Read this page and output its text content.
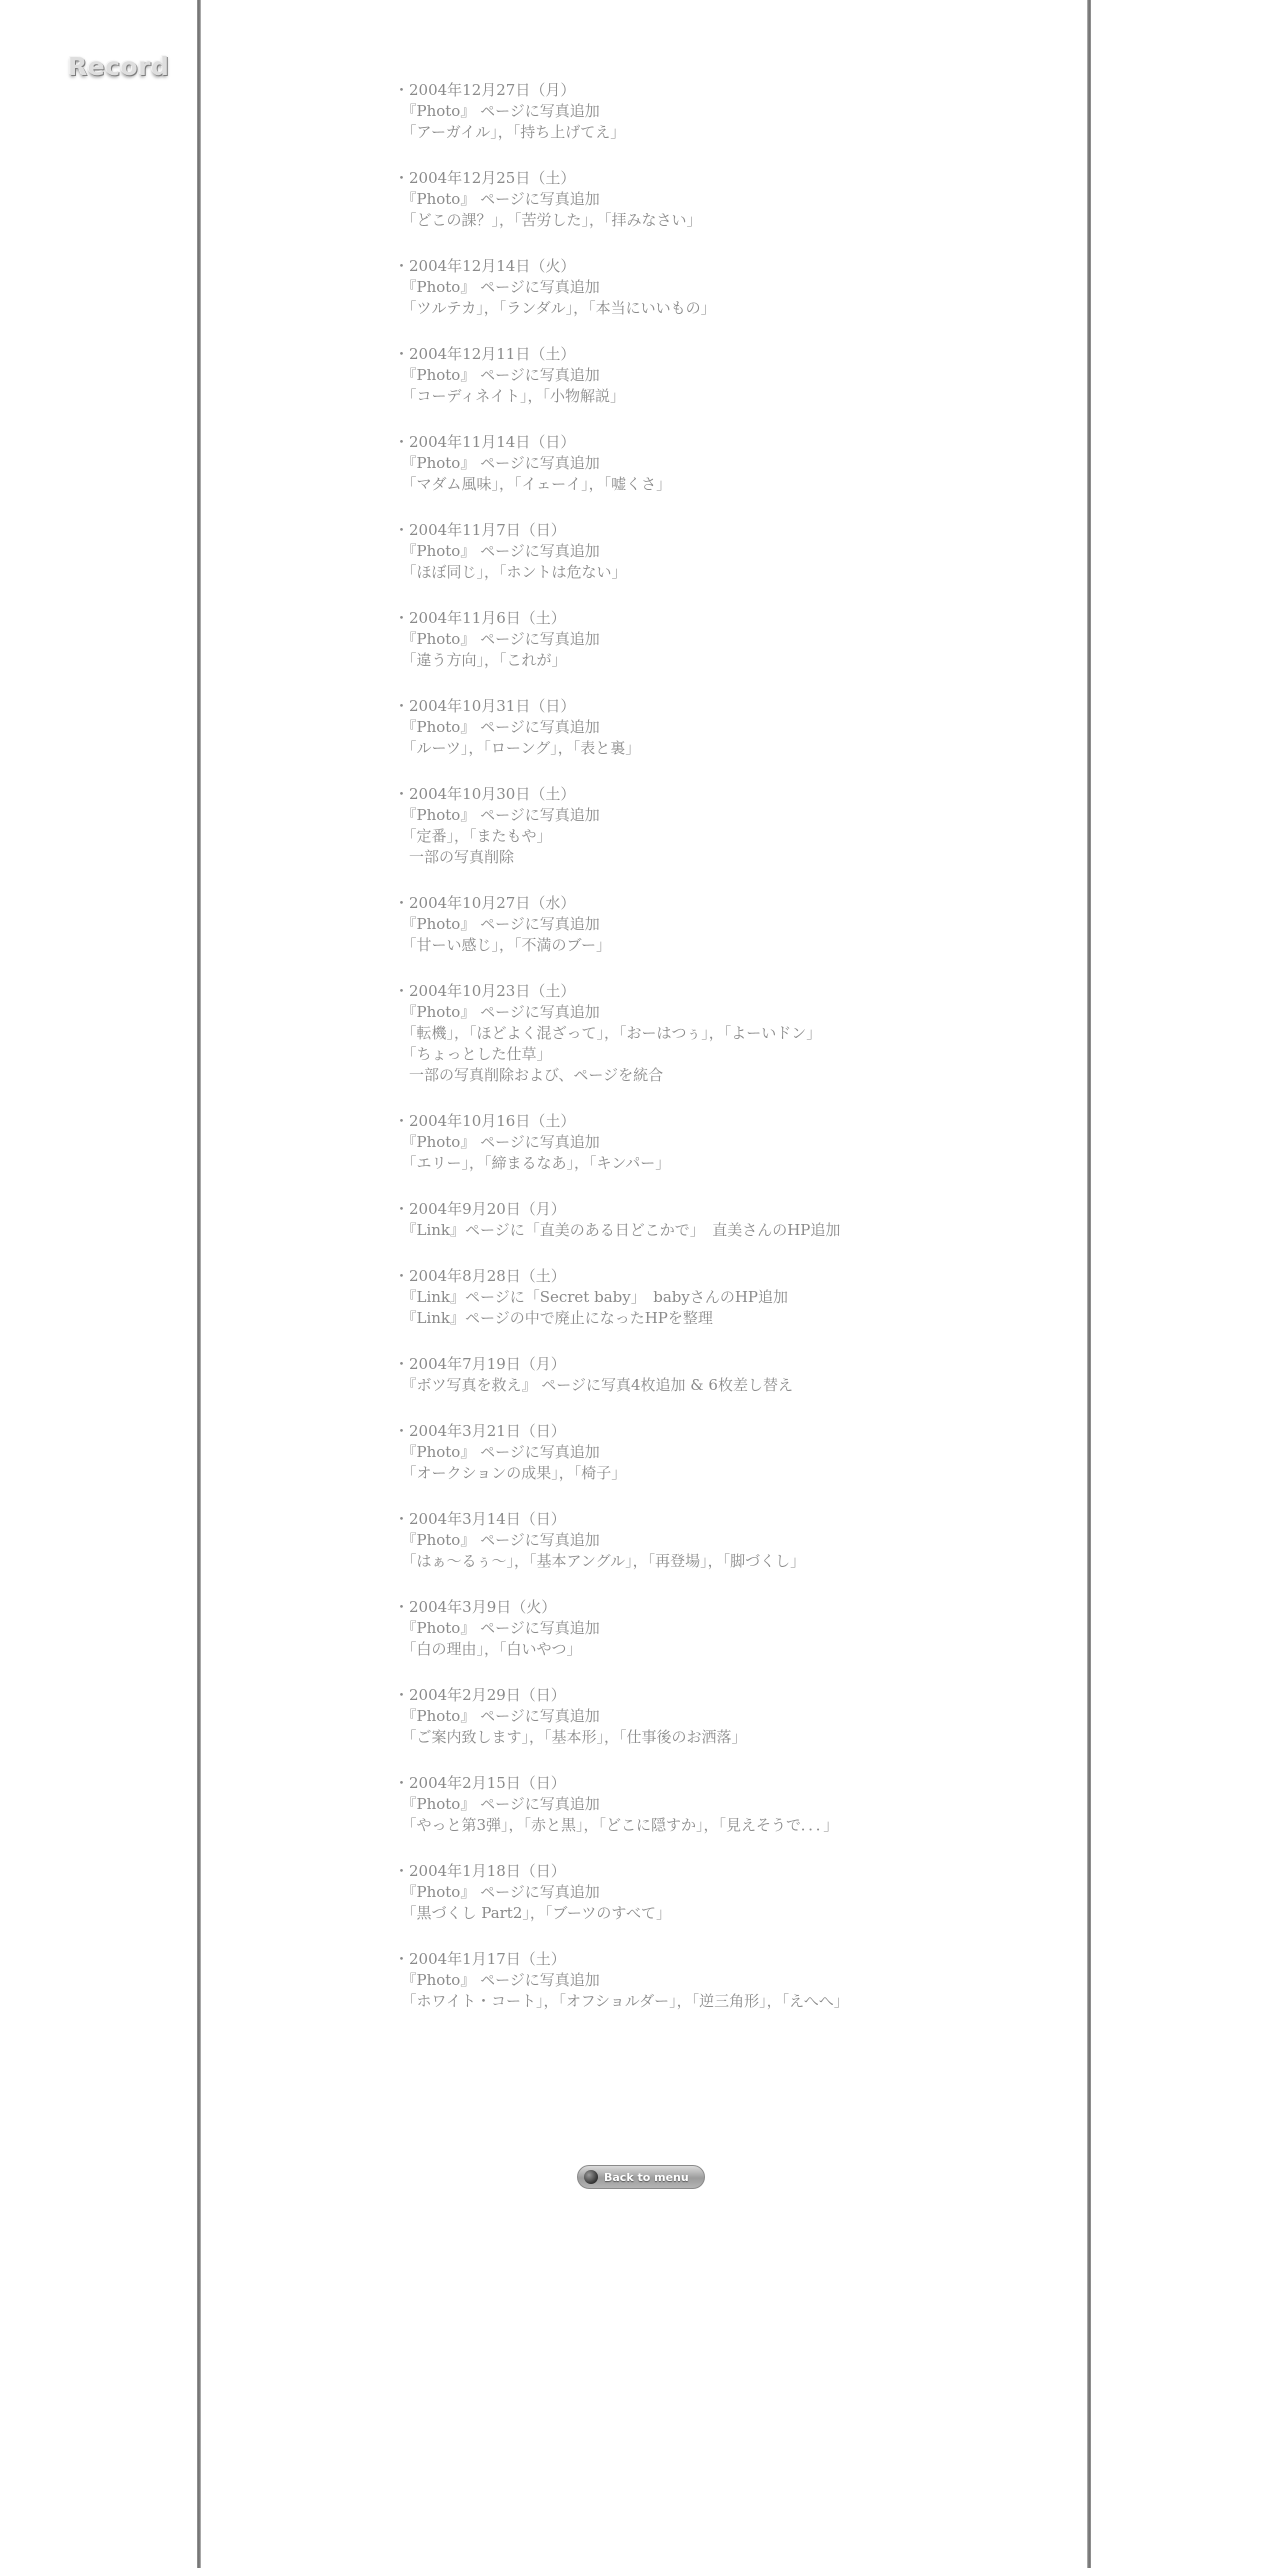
Record
・2004年12月27日（月）
　『Photo』 ページに写真追加
　「アーガイル」，「持ち上げてえ」
・2004年12月25日（土）
　『Photo』 ページに写真追加
　「どこの課？」，「苦労した」，「拝みなさい」
・2004年12月14日（火）
　『Photo』 ページに写真追加
　「ツルテカ」，「ランダル」，「本当にいいもの」
・2004年12月11日（土）
　『Photo』 ページに写真追加
　「コーディネイト」，「小物解説」
・2004年11月14日（日）
　『Photo』 ページに写真追加
　「マダム風味」，「イェーイ」，「嘘くさ」
・2004年11月7日（日）
　『Photo』 ページに写真追加
　「ほぼ同じ」，「ホントは危ない」
・2004年11月6日（土）
　『Photo』 ページに写真追加
　「違う方向」，「これが」
・2004年10月31日（日）
　『Photo』 ページに写真追加
　「ルーツ」，「ローング」，「表と裏」
・2004年10月30日（土）
　『Photo』 ページに写真追加
　「定番」，「またもや」
　一部の写真削除
・2004年10月27日（水）
　『Photo』 ページに写真追加
　「甘ーい感じ」，「不満のブー」
・2004年10月23日（土）
　『Photo』 ページに写真追加
　「転機」，「ほどよく混ざって」，「おーはつぅ」，「よーいドン」
　「ちょっとした仕草」
　一部の写真削除および、ページを統合
・2004年10月16日（土）
　『Photo』 ページに写真追加
　「エリー」，「締まるなあ」，「キンパー」
・2004年9月20日（月）
　『Link』ページに「直美のある日どこかで」　直美さんのHP追加
・2004年8月28日（土）
　『Link』ページに「Secret baby」　babyさんのHP追加
　『Link』ページの中で廃止になったHPを整理
・2004年7月19日（月）
　『ボツ写真を救え』 ページに写真4枚追加 & 6枚差し替え
・2004年3月21日（日）
　『Photo』 ページに写真追加
　「オークションの成果」，「椅子」
・2004年3月14日（日）
　『Photo』 ページに写真追加
　「はぁ～るぅ～」，「基本アングル」，「再登場」，「脚づくし」
・2004年3月9日（火）
　『Photo』 ページに写真追加
　「白の理由」，「白いやつ」
・2004年2月29日（日）
　『Photo』 ページに写真追加
　「ご案内致します」，「基本形」，「仕事後のお洒落」
・2004年2月15日（日）
　『Photo』 ページに写真追加
　「やっと第3弾」，「赤と黒」，「どこに隠すか」，「見えそうで．．．」
・2004年1月18日（日）
　『Photo』 ページに写真追加
　「黒づくし Part2」，「ブーツのすべて」
・2004年1月17日（土）
　『Photo』 ページに写真追加
　「ホワイト・コート」，「オフショルダー」，「逆三角形」，「えへへ」
Back to menu
